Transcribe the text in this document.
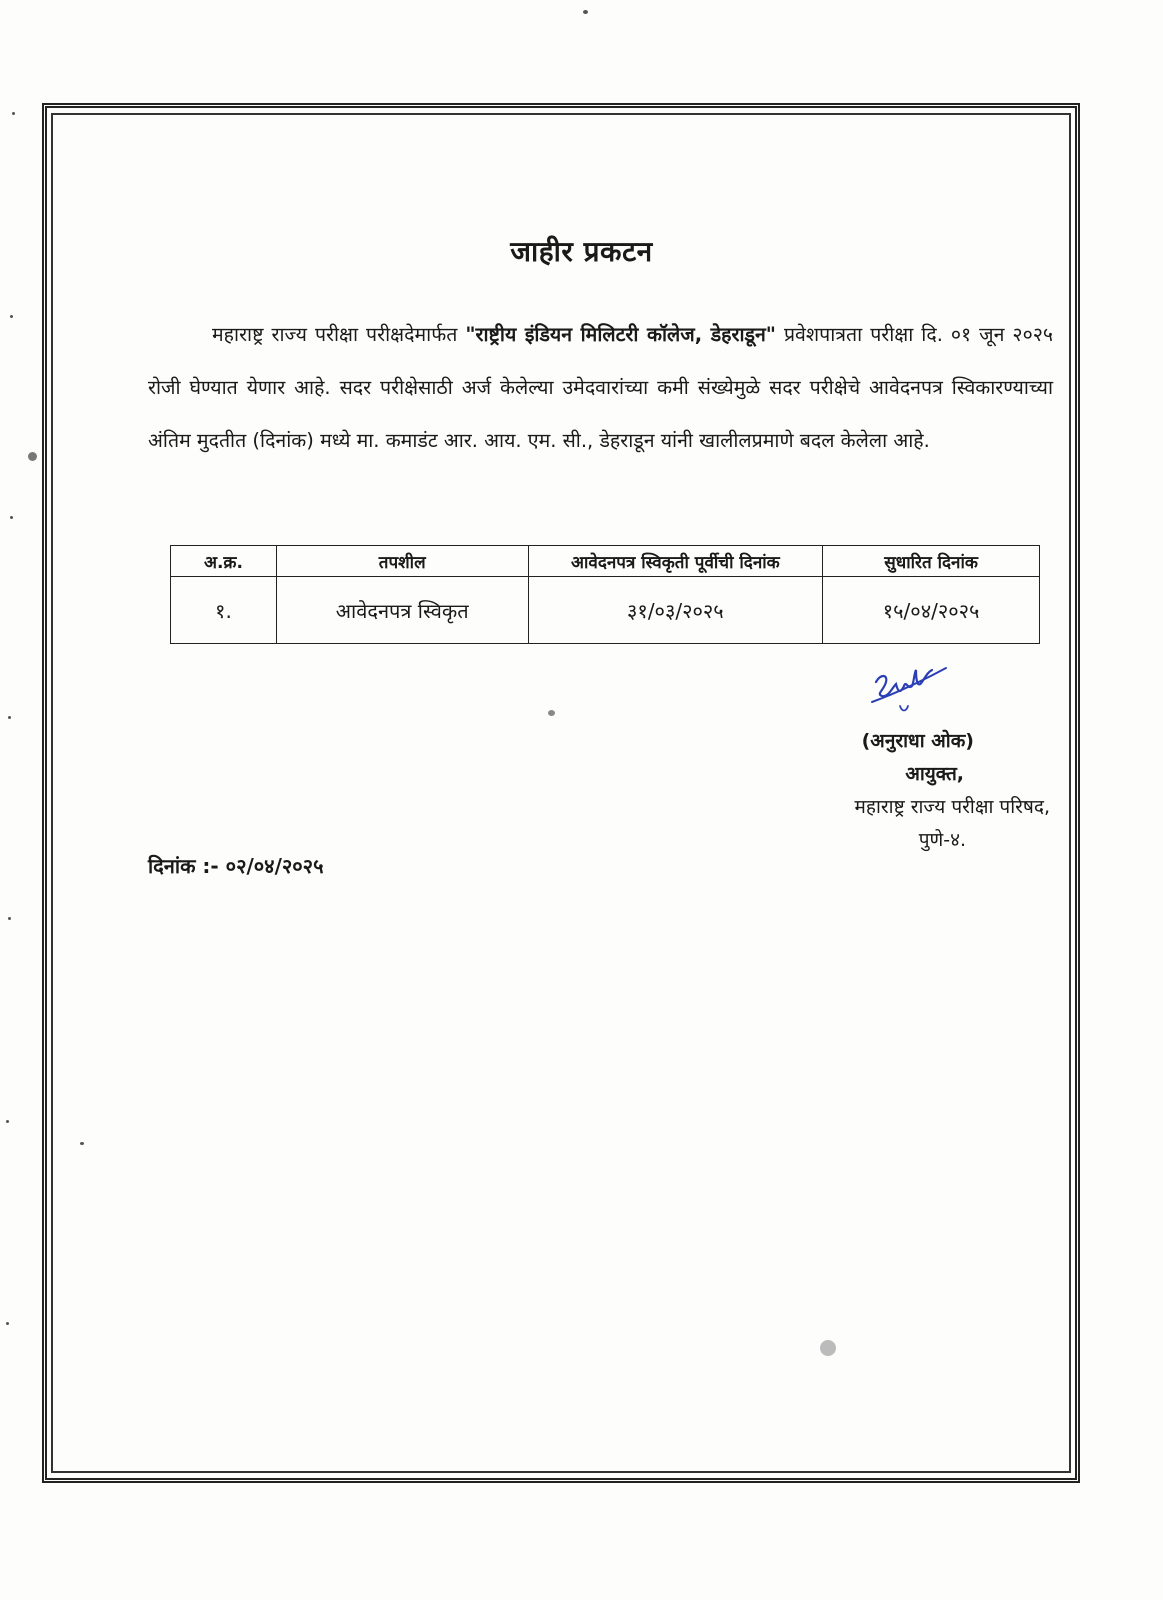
जाहीर प्रकटन
महाराष्ट्र राज्य परीक्षा परीक्षदेमार्फत "राष्ट्रीय इंडियन मिलिटरी कॉलेज, डेहराडून" प्रवेशपात्रता परीक्षा दि. ०१ जून २०२५ रोजी घेण्यात येणार आहे. सदर परीक्षेसाठी अर्ज केलेल्या उमेदवारांच्या कमी संख्येमुळे सदर परीक्षेचे आवेदनपत्र स्विकारण्याच्या अंतिम मुदतीत (दिनांक) मध्ये मा. कमाडंट आर. आय. एम. सी., डेहराडून यांनी खालीलप्रमाणे बदल केलेला आहे.
अ.क्र.	तपशील	आवेदनपत्र स्विकृती पूर्वीची दिनांक	सुधारित दिनांक
१.	आवेदनपत्र स्विकृत	३१/०३/२०२५	१५/०४/२०२५
(अनुराधा ओक)
आयुक्त,
महाराष्ट्र राज्य परीक्षा परिषद,
पुणे-४.
दिनांक :- ०२/०४/२०२५
